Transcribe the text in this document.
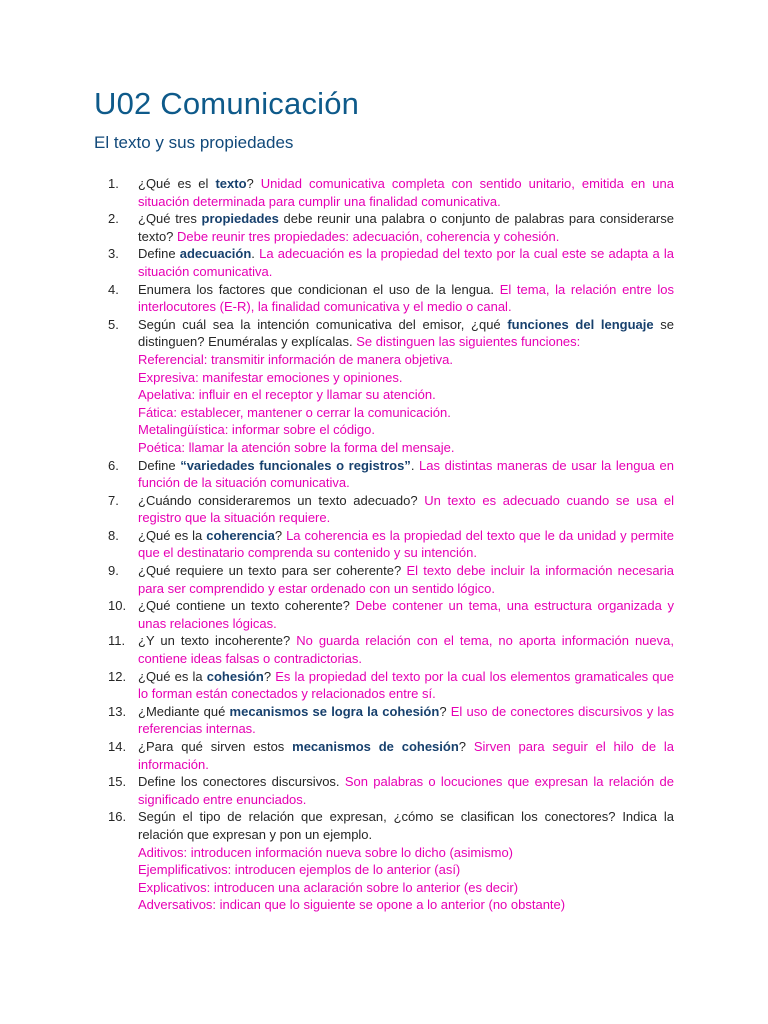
U02 Comunicación
El texto y sus propiedades
1. ¿Qué es el texto? Unidad comunicativa completa con sentido unitario, emitida en una situación determinada para cumplir una finalidad comunicativa.
2. ¿Qué tres propiedades debe reunir una palabra o conjunto de palabras para considerarse texto? Debe reunir tres propiedades: adecuación, coherencia y cohesión.
3. Define adecuación. La adecuación es la propiedad del texto por la cual este se adapta a la situación comunicativa.
4. Enumera los factores que condicionan el uso de la lengua. El tema, la relación entre los interlocutores (E-R), la finalidad comunicativa y el medio o canal.
5. Según cuál sea la intención comunicativa del emisor, ¿qué funciones del lenguaje se distinguen? Enuméralas y explícalas. Se distinguen las siguientes funciones:
Referencial: transmitir información de manera objetiva.
Expresiva: manifestar emociones y opiniones.
Apelativa: influir en el receptor y llamar su atención.
Fática: establecer, mantener o cerrar la comunicación.
Metalingüística: informar sobre el código.
Poética: llamar la atención sobre la forma del mensaje.
6. Define “variedades funcionales o registros”. Las distintas maneras de usar la lengua en función de la situación comunicativa.
7. ¿Cuándo consideraremos un texto adecuado? Un texto es adecuado cuando se usa el registro que la situación requiere.
8. ¿Qué es la coherencia? La coherencia es la propiedad del texto que le da unidad y permite que el destinatario comprenda su contenido y su intención.
9. ¿Qué requiere un texto para ser coherente? El texto debe incluir la información necesaria para ser comprendido y estar ordenado con un sentido lógico.
10. ¿Qué contiene un texto coherente? Debe contener un tema, una estructura organizada y unas relaciones lógicas.
11. ¿Y un texto incoherente? No guarda relación con el tema, no aporta información nueva, contiene ideas falsas o contradictorias.
12. ¿Qué es la cohesión? Es la propiedad del texto por la cual los elementos gramaticales que lo forman están conectados y relacionados entre sí.
13. ¿Mediante qué mecanismos se logra la cohesión? El uso de conectores discursivos y las referencias internas.
14. ¿Para qué sirven estos mecanismos de cohesión? Sirven para seguir el hilo de la información.
15. Define los conectores discursivos. Son palabras o locuciones que expresan la relación de significado entre enunciados.
16. Según el tipo de relación que expresan, ¿cómo se clasifican los conectores? Indica la relación que expresan y pon un ejemplo.
Aditivos: introducen información nueva sobre lo dicho (asimismo)
Ejemplificativos: introducen ejemplos de lo anterior (así)
Explicativos: introducen una aclaración sobre lo anterior (es decir)
Adversativos: indican que lo siguiente se opone a lo anterior (no obstante)
